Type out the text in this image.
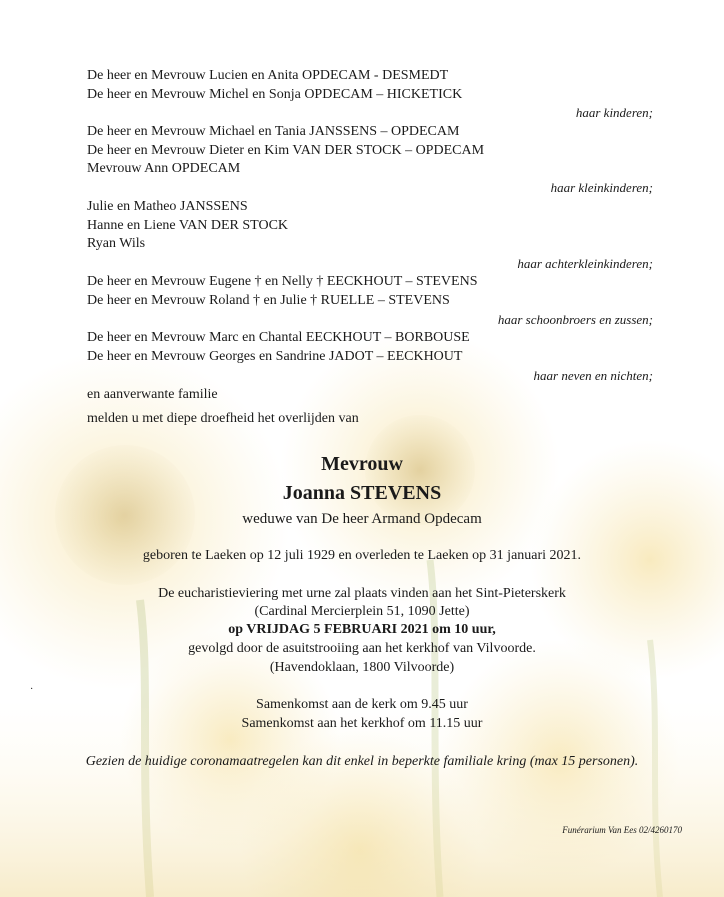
De heer en Mevrouw Lucien en Anita OPDECAM - DESMEDT
De heer en Mevrouw Michel en Sonja OPDECAM – HICKETICK
haar kinderen;
De heer en Mevrouw Michael en Tania JANSSENS – OPDECAM
De heer en Mevrouw Dieter en Kim VAN DER STOCK – OPDECAM
Mevrouw Ann OPDECAM
haar kleinkinderen;
Julie en Matheo JANSSENS
Hanne en Liene VAN DER STOCK
Ryan Wils
haar achterkleinkinderen;
De heer en Mevrouw Eugene † en Nelly † EECKHOUT – STEVENS
De heer en Mevrouw Roland † en Julie † RUELLE – STEVENS
haar schoonbroers en zussen;
De heer en Mevrouw Marc en Chantal EECKHOUT – BORBOUSE
De heer en Mevrouw Georges en Sandrine JADOT – EECKHOUT
haar neven en nichten;
en aanverwante familie
melden u met diepe droefheid het overlijden van
Mevrouw
Joanna STEVENS
weduwe van De heer Armand Opdecam
geboren te Laeken op 12 juli 1929 en overleden te Laeken op 31 januari 2021.
De eucharistieviering met urne zal plaats vinden aan het Sint-Pieterskerk
(Cardinal Mercierplein 51, 1090 Jette)
op VRIJDAG 5 FEBRUARI 2021 om 10 uur,
gevolgd door de asuitstrooiing aan het kerkhof van Vilvoorde.
(Havendoklaan, 1800 Vilvoorde)
·
Samenkomst aan de kerk om 9.45 uur
Samenkomst aan het kerkhof om 11.15 uur
Gezien de huidige coronamaatregelen kan dit enkel in beperkte familiale kring (max 15 personen).
Funérarium Van Ees 02/4260170
